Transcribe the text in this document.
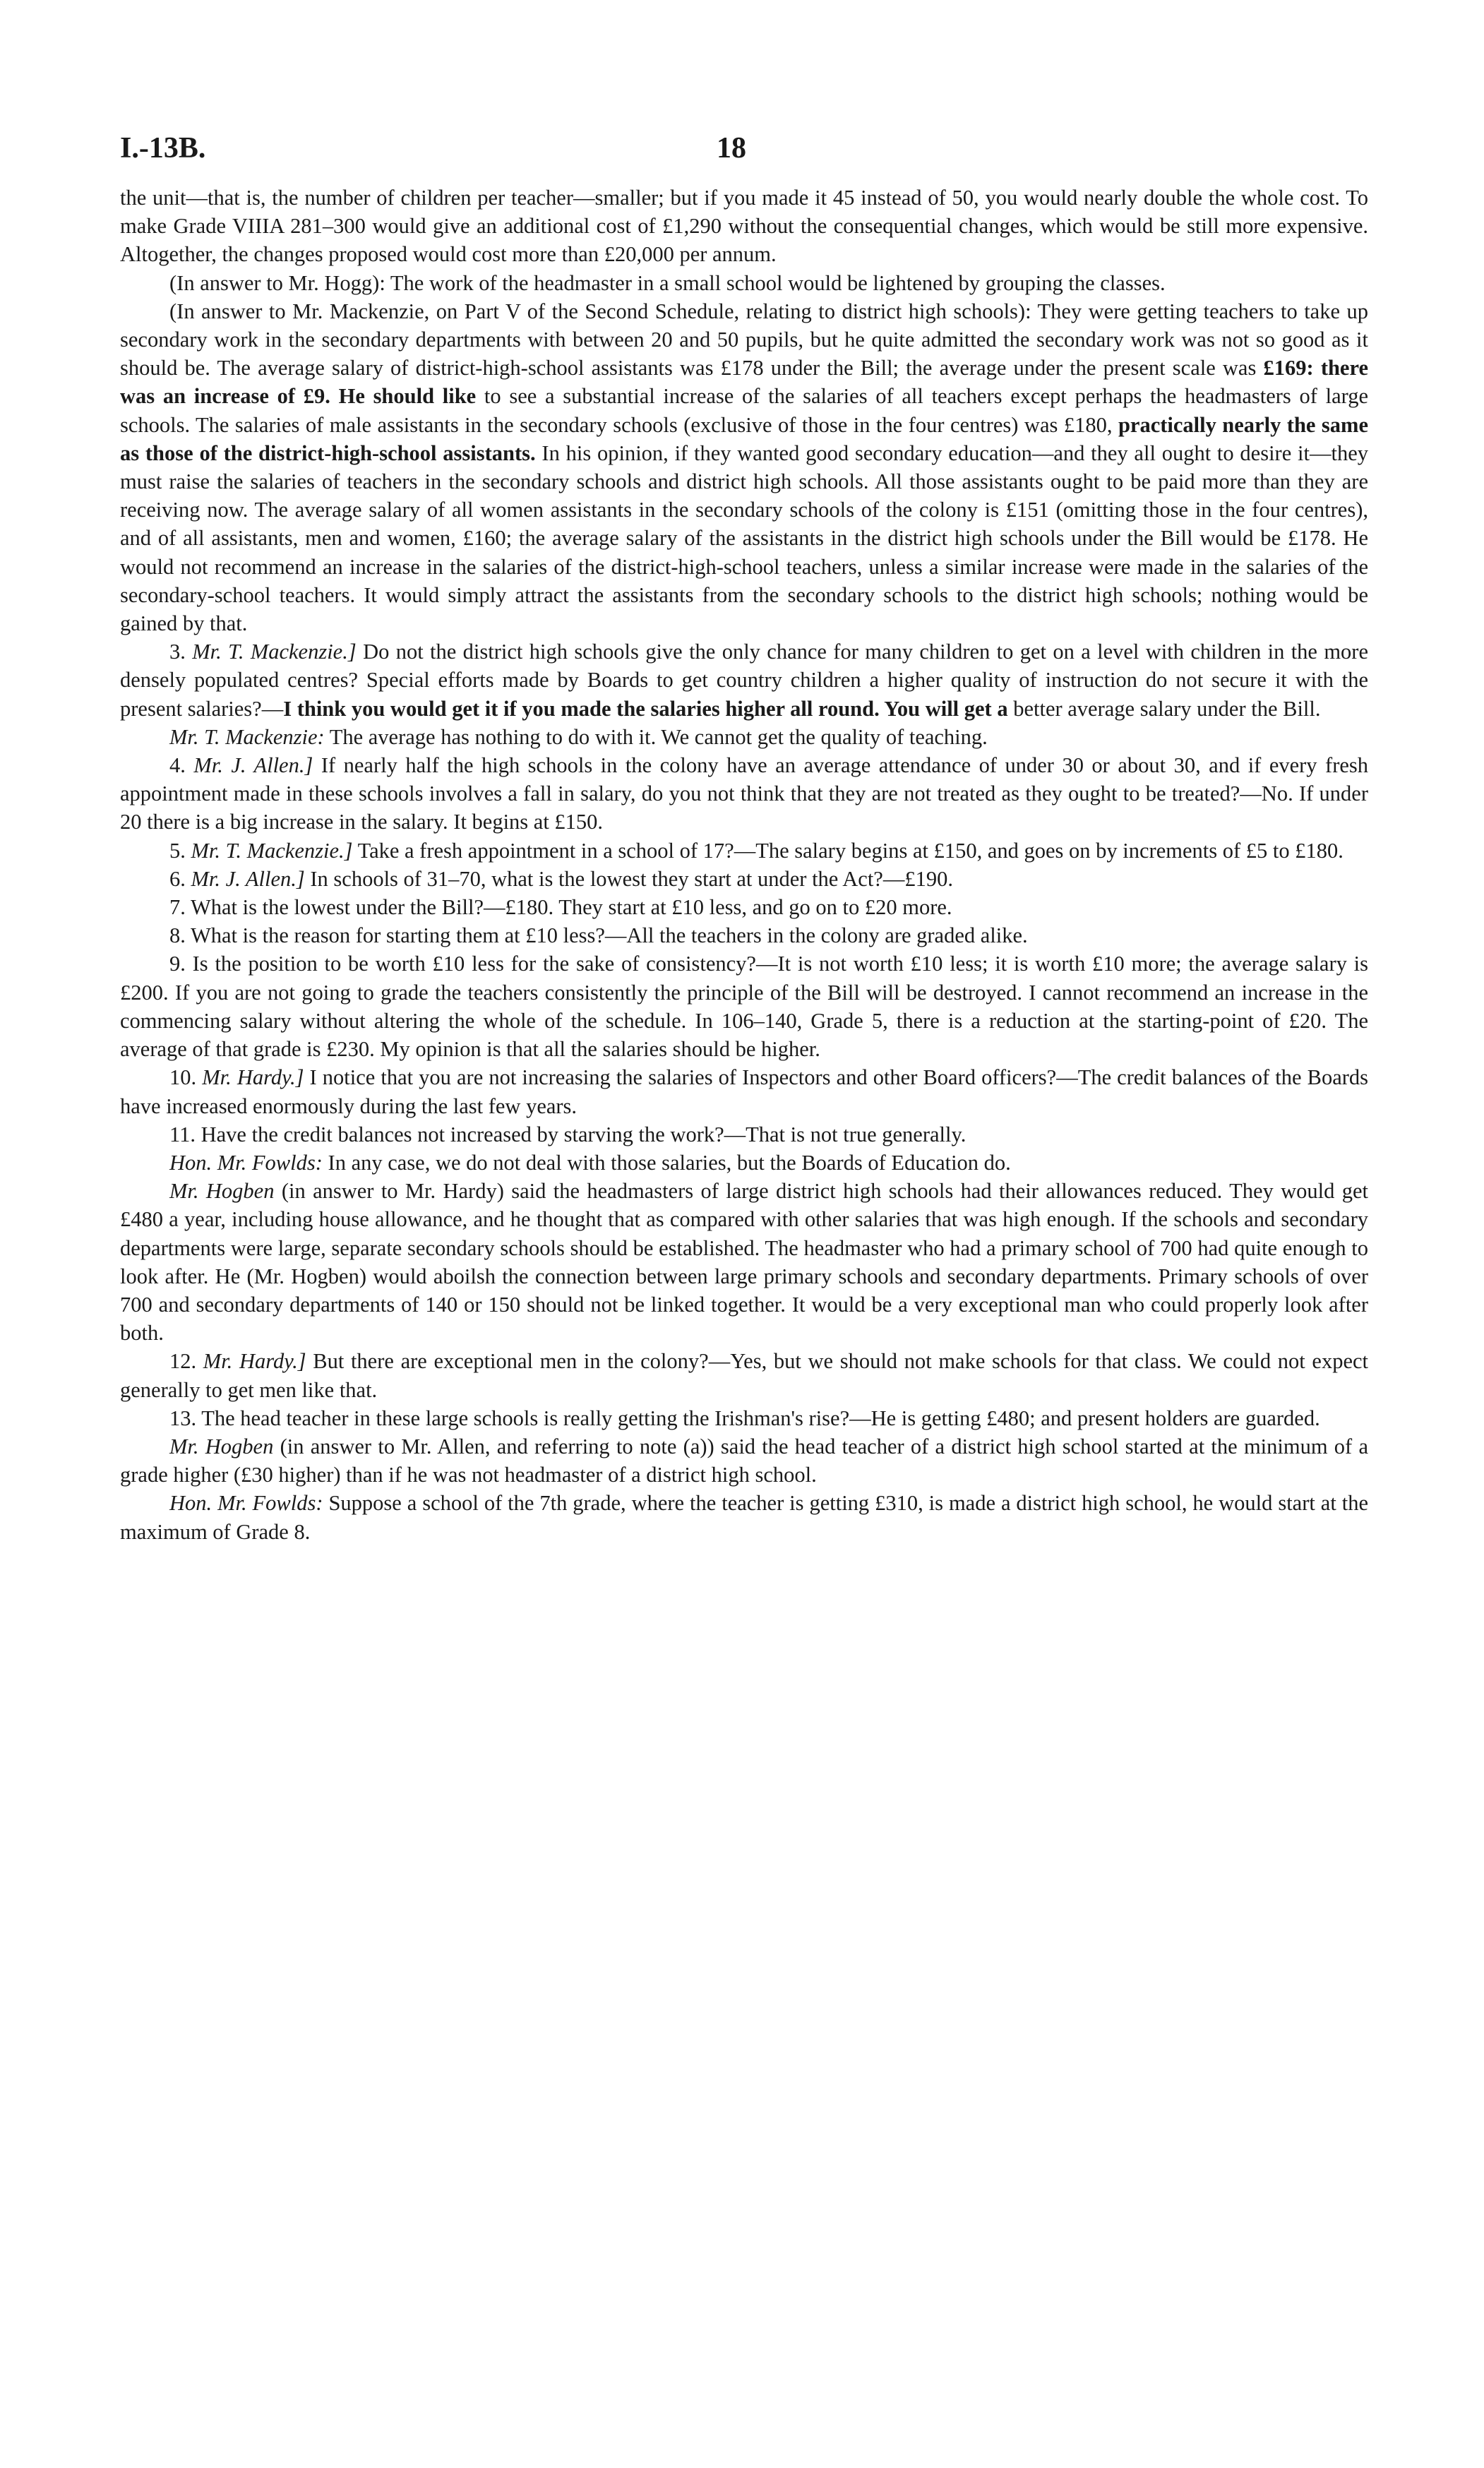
I.-13B.	18

the unit—that is, the number of children per teacher—smaller; but if you made it 45 instead of 50, you would nearly double the whole cost. To make Grade VIIIA 281–300 would give an additional cost of £1,290 without the consequential changes, which would be still more expensive. Altogether, the changes proposed would cost more than £20,000 per annum.

(In answer to Mr. Hogg): The work of the headmaster in a small school would be lightened by grouping the classes.

(In answer to Mr. Mackenzie, on Part V of the Second Schedule, relating to district high schools): They were getting teachers to take up secondary work in the secondary departments with between 20 and 50 pupils, but he quite admitted the secondary work was not so good as it should be. The average salary of district-high-school assistants was £178 under the Bill; the average under the present scale was £169: there was an increase of £9. He should like to see a substantial increase of the salaries of all teachers except perhaps the headmasters of large schools. The salaries of male assistants in the secondary schools (exclusive of those in the four centres) was £180, practically nearly the same as those of the district-high-school assistants. In his opinion, if they wanted good secondary education—and they all ought to desire it—they must raise the salaries of teachers in the secondary schools and district high schools. All those assistants ought to be paid more than they are receiving now. The average salary of all women assistants in the secondary schools of the colony is £151 (omitting those in the four centres), and of all assistants, men and women, £160; the average salary of the assistants in the district high schools under the Bill would be £178. He would not recommend an increase in the salaries of the district-high-school teachers, unless a similar increase were made in the salaries of the secondary-school teachers. It would simply attract the assistants from the secondary schools to the district high schools; nothing would be gained by that.

3. Mr. T. Mackenzie.] Do not the district high schools give the only chance for many children to get on a level with children in the more densely populated centres? Special efforts made by Boards to get country children a higher quality of instruction do not secure it with the present salaries?—I think you would get it if you made the salaries higher all round. You will get a better average salary under the Bill.

Mr. T. Mackenzie: The average has nothing to do with it. We cannot get the quality of teaching.

4. Mr. J. Allen.] If nearly half the high schools in the colony have an average attendance of under 30 or about 30, and if every fresh appointment made in these schools involves a fall in salary, do you not think that they are not treated as they ought to be treated?—No. If under 20 there is a big increase in the salary. It begins at £150.

5. Mr. T. Mackenzie.] Take a fresh appointment in a school of 17?—The salary begins at £150, and goes on by increments of £5 to £180.

6. Mr. J. Allen.] In schools of 31–70, what is the lowest they start at under the Act?—£190.

7. What is the lowest under the Bill?—£180. They start at £10 less, and go on to £20 more.

8. What is the reason for starting them at £10 less?—All the teachers in the colony are graded alike.

9. Is the position to be worth £10 less for the sake of consistency?—It is not worth £10 less; it is worth £10 more; the average salary is £200. If you are not going to grade the teachers consistently the principle of the Bill will be destroyed. I cannot recommend an increase in the commencing salary without altering the whole of the schedule. In 106–140, Grade 5, there is a reduction at the starting-point of £20. The average of that grade is £230. My opinion is that all the salaries should be higher.

10. Mr. Hardy.] I notice that you are not increasing the salaries of Inspectors and other Board officers?—The credit balances of the Boards have increased enormously during the last few years.

11. Have the credit balances not increased by starving the work?—That is not true generally.

Hon. Mr. Fowlds: In any case, we do not deal with those salaries, but the Boards of Education do.

Mr. Hogben (in answer to Mr. Hardy) said the headmasters of large district high schools had their allowances reduced. They would get £480 a year, including house allowance, and he thought that as compared with other salaries that was high enough. If the schools and secondary departments were large, separate secondary schools should be established. The headmaster who had a primary school of 700 had quite enough to look after. He (Mr. Hogben) would aboilsh the connection between large primary schools and secondary departments. Primary schools of over 700 and secondary departments of 140 or 150 should not be linked together. It would be a very exceptional man who could properly look after both.

12. Mr. Hardy.] But there are exceptional men in the colony?—Yes, but we should not make schools for that class. We could not expect generally to get men like that.

13. The head teacher in these large schools is really getting the Irishman's rise?—He is getting £480; and present holders are guarded.

Mr. Hogben (in answer to Mr. Allen, and referring to note (a)) said the head teacher of a district high school started at the minimum of a grade higher (£30 higher) than if he was not headmaster of a district high school.

Hon. Mr. Fowlds: Suppose a school of the 7th grade, where the teacher is getting £310, is made a district high school, he would start at the maximum of Grade 8.
